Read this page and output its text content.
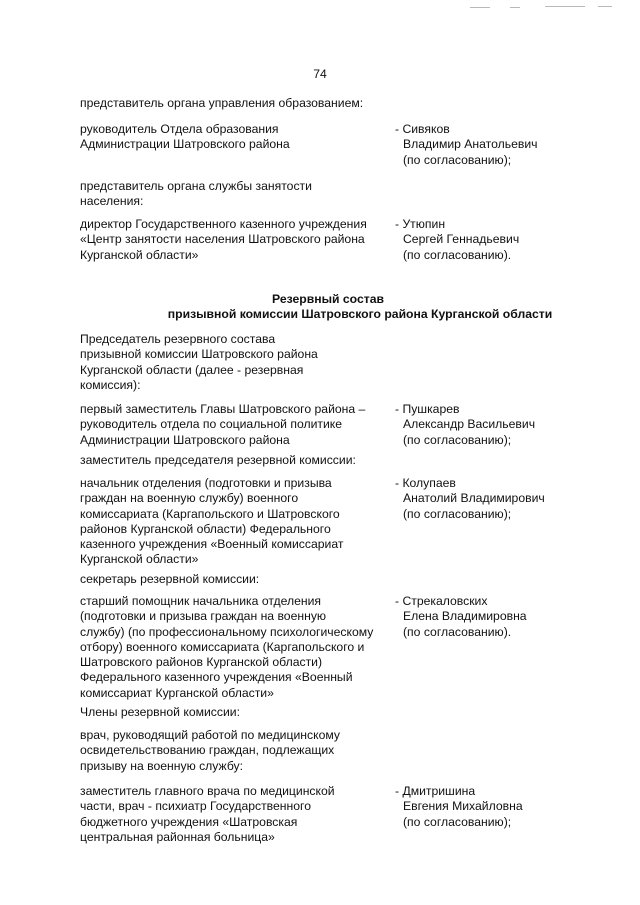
74
представитель органа управления образованием:
руководитель Отдела образования
Администрации Шатровского района
- Сивяков
Владимир Анатольевич
(по согласованию);
представитель органа службы занятости
населения:
директор Государственного казенного учреждения
«Центр занятости населения Шатровского района
Курганской области»
- Утюпин
Сергей Геннадьевич
(по согласованию).
Резервный состав
призывной комиссии Шатровского района Курганской области
Председатель резервного состава
призывной комиссии Шатровского района
Курганской области (далее - резервная
комиссия):
первый заместитель Главы Шатровского района –
руководитель отдела по социальной политике
Администрации Шатровского района
- Пушкарев
Александр Васильевич
(по согласованию);
заместитель председателя резервной комиссии:
начальник отделения (подготовки и призыва
граждан на военную службу) военного
комиссариата (Каргапольского и Шатровского
районов Курганской области) Федерального
казенного учреждения «Военный комиссариат
Курганской области»
- Колупаев
Анатолий Владимирович
(по согласованию);
секретарь резервной комиссии:
старший помощник начальника отделения
(подготовки и призыва граждан на военную
службу) (по профессиональному психологическому
отбору) военного комиссариата (Каргапольского и
Шатровского районов Курганской области)
Федерального казенного учреждения «Военный
комиссариат Курганской области»
- Стрекаловских
Елена Владимировна
(по согласованию).
Члены резервной комиссии:
врач, руководящий работой по медицинскому
освидетельствованию граждан, подлежащих
призыву на военную службу:
заместитель главного врача по медицинской
части, врач - психиатр Государственного
бюджетного учреждения «Шатровская
центральная районная больница»
- Дмитришина
Евгения Михайловна
(по согласованию);
